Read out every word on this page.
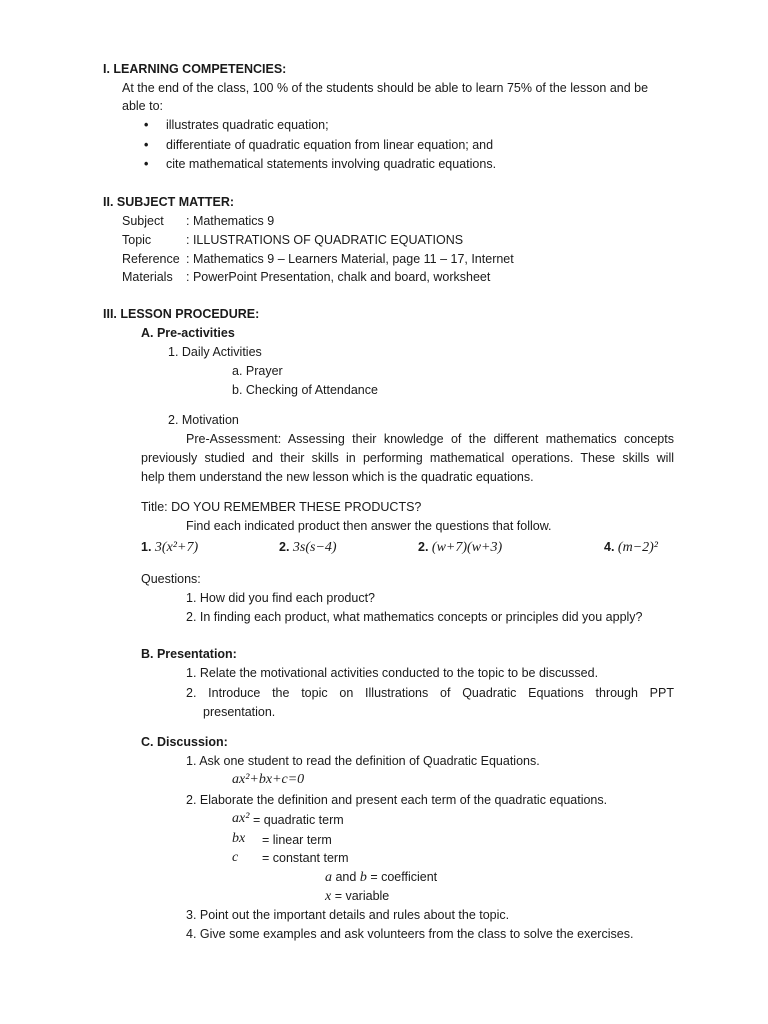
I. LEARNING COMPETENCIES:
At the end of the class, 100 % of the students should be able to learn 75% of the lesson and be
able to:
• illustrates quadratic equation;
• differentiate of quadratic equation from linear equation; and
• cite mathematical statements involving quadratic equations.
II. SUBJECT MATTER:
Subject : Mathematics 9
Topic	: ILLUSTRATIONS OF QUADRATIC EQUATIONS
Reference : Mathematics 9 – Learners Material, page 11 – 17, Internet
Materials : PowerPoint Presentation, chalk and board, worksheet
III. LESSON PROCEDURE:
A. Pre-activities
1. Daily Activities
a. Prayer
b. Checking of Attendance
2. Motivation
Pre-Assessment: Assessing their knowledge of the different mathematics concepts
previously studied and their skills in performing mathematical operations. These skills will
help them understand the new lesson which is the quadratic equations.
Title: DO YOU REMEMBER THESE PRODUCTS?
Find each indicated product then answer the questions that follow.
1. 3(x²+7)	2. 3s(s−4)	2. (w+7)(w+3)	4. (m−2)²
Questions:
1. How did you find each product?
2. In finding each product, what mathematics concepts or principles did you apply?
B. Presentation:
1. Relate the motivational activities conducted to the topic to be discussed.
2. Introduce the topic on Illustrations of Quadratic Equations through PPT
presentation.
C. Discussion:
1. Ask one student to read the definition of Quadratic Equations.
ax²+bx+c=0
2. Elaborate the definition and present each term of the quadratic equations.
ax² = quadratic term
bx = linear term
c = constant term
a and b = coefficient
x = variable
3. Point out the important details and rules about the topic.
4. Give some examples and ask volunteers from the class to solve the exercises.
